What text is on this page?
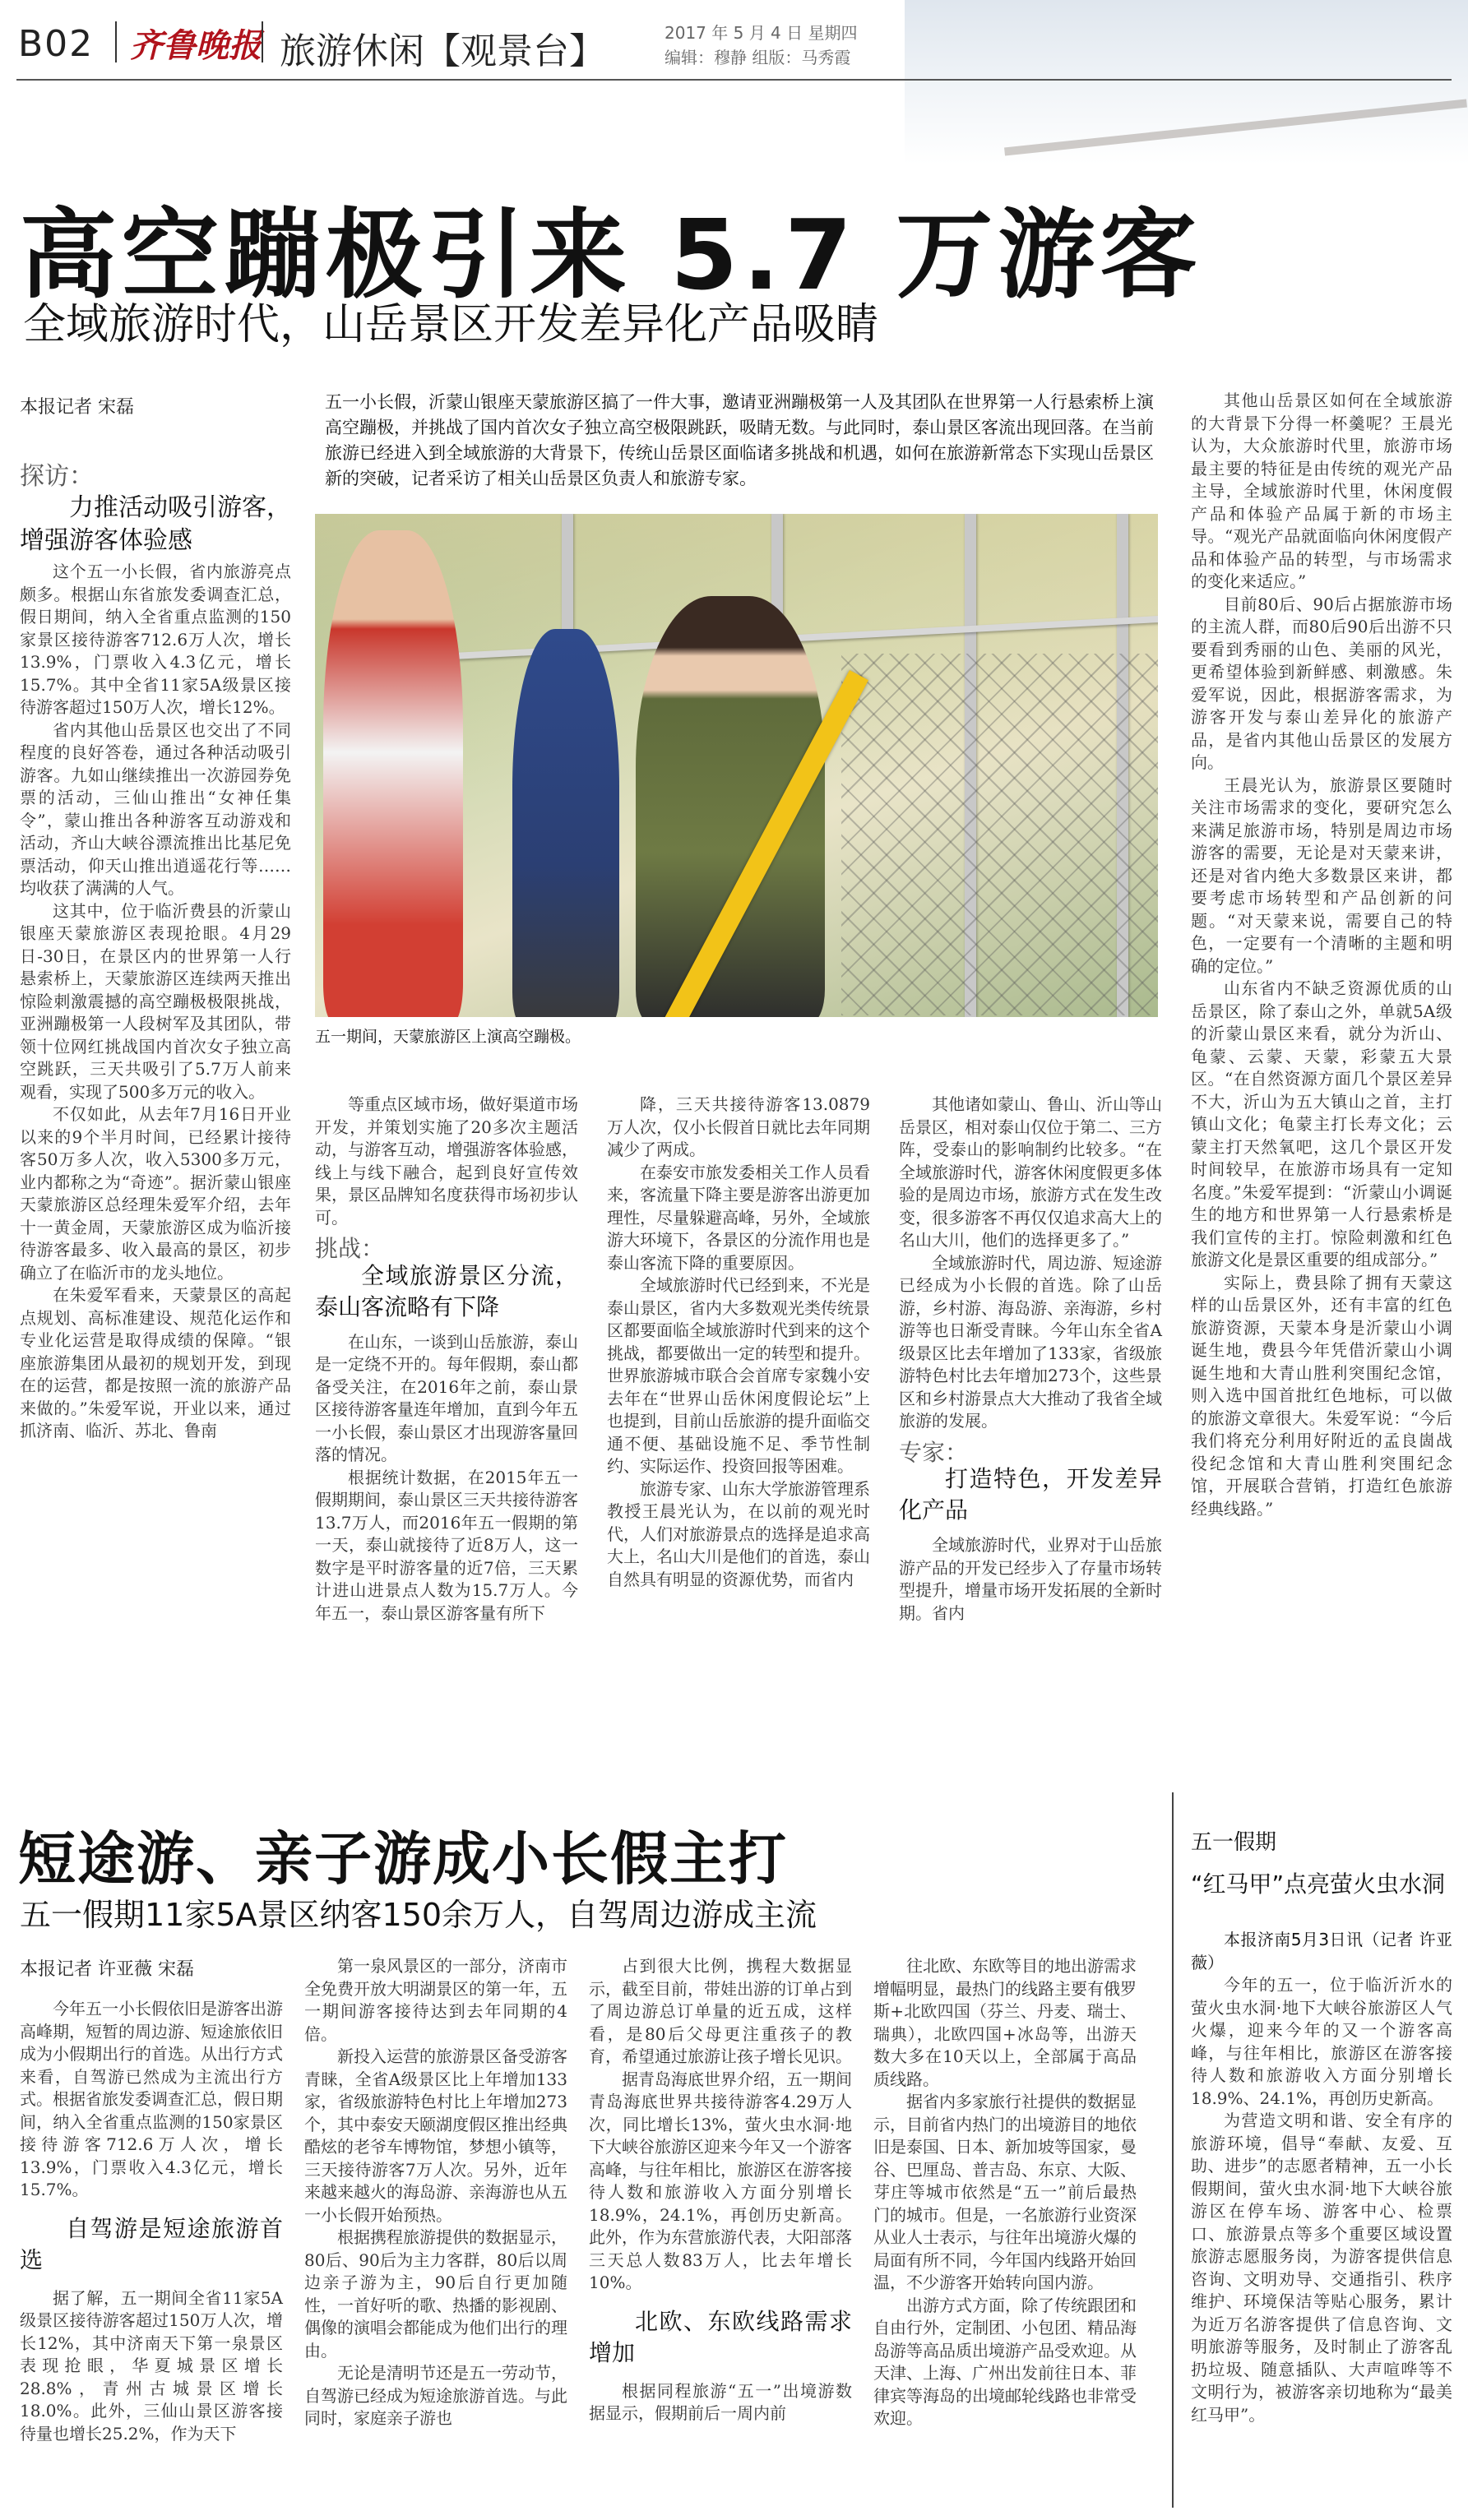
B02 齐鲁晚报 旅游休闲【观景台】	2017 年 5 月 4 日 星期四
编辑：穆静 组版：马秀霞
高空蹦极引来 5.7 万游客
全域旅游时代，山岳景区开发差异化产品吸睛
本报记者 宋磊	五一小长假，沂蒙山银座天蒙旅游区搞了一件大事，邀请亚洲蹦极第一人及其团队在世界第一人行悬索桥上演高空蹦极，并挑战了国内首次女子独立高空极限跳跃，吸睛无数。与此同时，泰山景区客流出现回落。在当前旅游已经进入到全域旅游的大背景下，传统山岳景区面临诸多挑战和机遇，如何在旅游新常态下实现山岳景区新的突破，记者采访了相关山岳景区负责人和旅游专家。
五一期间，天蒙旅游区上演高空蹦极。
探访：
力推活动吸引游客，增强游客体验感

这个五一小长假，省内旅游亮点颇多。根据山东省旅发委调查汇总，假日期间，纳入全省重点监测的150家景区接待游客712.6万人次，增长13.9%，门票收入4.3亿元，增长15.7%。其中全省11家5A级景区接待游客超过150万人次，增长12%。

省内其他山岳景区也交出了不同程度的良好答卷，通过各种活动吸引游客。九如山继续推出一次游园券免票的活动，三仙山推出“女神任集令”，蒙山推出各种游客互动游戏和活动，齐山大峡谷漂流推出比基尼免票活动，仰天山推出逍遥花行等……均收获了满满的人气。

这其中，位于临沂费县的沂蒙山银座天蒙旅游区表现抢眼。4月29日-30日，在景区内的世界第一人行悬索桥上，天蒙旅游区连续两天推出惊险刺激震撼的高空蹦极极限挑战，亚洲蹦极第一人段树军及其团队，带领十位网红挑战国内首次女子独立高空跳跃，三天共吸引了5.7万人前来观看，实现了500多万元的收入。

不仅如此，从去年7月16日开业以来的9个半月时间，已经累计接待客50万多人次，收入5300多万元，业内都称之为“奇迹”。据沂蒙山银座天蒙旅游区总经理朱爱军介绍，去年十一黄金周，天蒙旅游区成为临沂接待游客最多、收入最高的景区，初步确立了在临沂市的龙头地位。

在朱爱军看来，天蒙景区的高起点规划、高标准建设、规范化运作和专业化运营是取得成绩的保障。“银座旅游集团从最初的规划开发，到现在的运营，都是按照一流的旅游产品来做的。”朱爱军说，开业以来，通过抓济南、临沂、苏北、鲁南

等重点区域市场，做好渠道市场开发，并策划实施了20多次主题活动，与游客互动，增强游客体验感，线上与线下融合，起到良好宣传效果，景区品牌知名度获得市场初步认可。

挑战：
全域旅游景区分流，泰山客流略有下降

在山东，一谈到山岳旅游，泰山是一定绕不开的。每年假期，泰山都备受关注，在2016年之前，泰山景区接待游客量连年增加，直到今年五一小长假，泰山景区才出现游客量回落的情况。

根据统计数据，在2015年五一假期期间，泰山景区三天共接待游客13.7万人，而2016年五一假期的第一天，泰山就接待了近8万人，这一数字是平时游客量的近7倍，三天累计进山进景点人数为15.7万人。今年五一，泰山景区游客量有所下

降，三天共接待游客13.0879万人次，仅小长假首日就比去年同期减少了两成。

在泰安市旅发委相关工作人员看来，客流量下降主要是游客出游更加理性，尽量躲避高峰，另外，全域旅游大环境下，各景区的分流作用也是泰山客流下降的重要原因。

全域旅游时代已经到来，不光是泰山景区，省内大多数观光类传统景区都要面临全域旅游时代到来的这个挑战，都要做出一定的转型和提升。世界旅游城市联合会首席专家魏小安去年在“世界山岳休闲度假论坛”上也提到，目前山岳旅游的提升面临交通不便、基础设施不足、季节性制约、实际运作、投资回报等困难。

旅游专家、山东大学旅游管理系教授王晨光认为，在以前的观光时代，人们对旅游景点的选择是追求高大上，名山大川是他们的首选，泰山自然具有明显的资源优势，而省内

其他诸如蒙山、鲁山、沂山等山岳景区，相对泰山仅位于第二、三方阵，受泰山的影响制约比较多。“在全域旅游时代，游客休闲度假更多体验的是周边市场，旅游方式在发生改变，很多游客不再仅仅追求高大上的名山大川，他们的选择更多了。”

全域旅游时代，周边游、短途游已经成为小长假的首选。除了山岳游，乡村游、海岛游、亲海游，乡村游等也日渐受青睐。今年山东全省A级景区比去年增加了133家，省级旅游特色村比去年增加273个，这些景区和乡村游景点大大推动了我省全域旅游的发展。

专家：
打造特色，开发差异化产品

全域旅游时代，业界对于山岳旅游产品的开发已经步入了存量市场转型提升，增量市场开发拓展的全新时期。省内

其他山岳景区如何在全域旅游的大背景下分得一杯羹呢？王晨光认为，大众旅游时代里，旅游市场最主要的特征是由传统的观光产品主导，全域旅游时代里，休闲度假产品和体验产品属于新的市场主导。“观光产品就面临向休闲度假产品和体验产品的转型，与市场需求的变化来适应。”

目前80后、90后占据旅游市场的主流人群，而80后90后出游不只要看到秀丽的山色、美丽的风光，更希望体验到新鲜感、刺激感。朱爱军说，因此，根据游客需求，为游客开发与泰山差异化的旅游产品，是省内其他山岳景区的发展方向。

王晨光认为，旅游景区要随时关注市场需求的变化，要研究怎么来满足旅游市场，特别是周边市场游客的需要，无论是对天蒙来讲，还是对省内绝大多数景区来讲，都要考虑市场转型和产品创新的问题。“对天蒙来说，需要自己的特色，一定要有一个清晰的主题和明确的定位。”

山东省内不缺乏资源优质的山岳景区，除了泰山之外，单就5A级的沂蒙山景区来看，就分为沂山、龟蒙、云蒙、天蒙，彩蒙五大景区。“在自然资源方面几个景区差异不大，沂山为五大镇山之首，主打镇山文化；龟蒙主打长寿文化；云蒙主打天然氧吧，这几个景区开发时间较早，在旅游市场具有一定知名度。”朱爱军提到：“沂蒙山小调诞生的地方和世界第一人行悬索桥是我们宣传的主打。惊险刺激和红色旅游文化是景区重要的组成部分。”

实际上，费县除了拥有天蒙这样的山岳景区外，还有丰富的红色旅游资源，天蒙本身是沂蒙山小调诞生地，费县今年凭借沂蒙山小调诞生地和大青山胜利突围纪念馆，则入选中国首批红色地标，可以做的旅游文章很大。朱爱军说：“今后我们将充分利用好附近的孟良崮战役纪念馆和大青山胜利突围纪念馆，开展联合营销，打造红色旅游经典线路。”

短途游、亲子游成小长假主打
五一假期11家5A景区纳客150余万人，自驾周边游成主流
本报记者 许亚薇 宋磊

今年五一小长假依旧是游客出游高峰期，短暂的周边游、短途旅依旧成为小假期出行的首选。从出行方式来看，自驾游已然成为主流出行方式。根据省旅发委调查汇总，假日期间，纳入全省重点监测的150家景区接待游客712.6万人次，增长13.9%，门票收入4.3亿元，增长15.7%。

自驾游是短途旅游首选

据了解，五一期间全省11家5A级景区接待游客超过150万人次，增长12%，其中济南天下第一泉景区表现抢眼，华夏城景区增长28.8%，青州古城景区增长18.0%。此外，三仙山景区游客接待量也增长25.2%，作为天下

第一泉风景区的一部分，济南市全免费开放大明湖景区的第一年，五一期间游客接待达到去年同期的4倍。

新投入运营的旅游景区备受游客青睐，全省A级景区比上年增加133家，省级旅游特色村比上年增加273个，其中泰安天颐湖度假区推出经典酷炫的老爷车博物馆，梦想小镇等，三天接待游客7万人次。另外，近年来越来越火的海岛游、亲海游也从五一小长假开始预热。

根据携程旅游提供的数据显示，80后、90后为主力客群，80后以周边亲子游为主，90后自行更加随性，一首好听的歌、热播的影视剧、偶像的演唱会都能成为他们出行的理由。

无论是清明节还是五一劳动节，自驾游已经成为短途旅游首选。与此同时，家庭亲子游也

占到很大比例，携程大数据显示，截至目前，带娃出游的订单占到了周边游总订单量的近五成，这样看，是80后父母更注重孩子的教育，希望通过旅游让孩子增长见识。

据青岛海底世界介绍，五一期间青岛海底世界共接待游客4.29万人次，同比增长13%，萤火虫水洞·地下大峡谷旅游区迎来今年又一个游客高峰，与往年相比，旅游区在游客接待人数和旅游收入方面分别增长18.9%，24.1%，再创历史新高。此外，作为东营旅游代表，大阳部落三天总人数83万人，比去年增长10%。

北欧、东欧线路需求增加

根据同程旅游“五一”出境游数据显示，假期前后一周内前

往北欧、东欧等目的地出游需求增幅明显，最热门的线路主要有俄罗斯+北欧四国（芬兰、丹麦、瑞士、瑞典），北欧四国+冰岛等，出游天数大多在10天以上，全部属于高品质线路。

据省内多家旅行社提供的数据显示，目前省内热门的出境游目的地依旧是泰国、日本、新加坡等国家，曼谷、巴厘岛、普吉岛、东京、大阪、芽庄等城市依然是“五一”前后最热门的城市。但是，一名旅游行业资深从业人士表示，与往年出境游火爆的局面有所不同，今年国内线路开始回温，不少游客开始转向国内游。

出游方式方面，除了传统跟团和自由行外，定制团、小包团、精品海岛游等高品质出境游产品受欢迎。从天津、上海、广州出发前往日本、菲律宾等海岛的出境邮轮线路也非常受欢迎。

五一假期
“红马甲”点亮萤火虫水洞

本报济南5月3日讯（记者 许亚薇）

今年的五一，位于临沂沂水的萤火虫水洞·地下大峡谷旅游区人气火爆，迎来今年的又一个游客高峰，与往年相比，旅游区在游客接待人数和旅游收入方面分别增长18.9%、24.1%，再创历史新高。

为营造文明和谐、安全有序的旅游环境，倡导“奉献、友爱、互助、进步”的志愿者精神，五一小长假期间，萤火虫水洞·地下大峡谷旅游区在停车场、游客中心、检票口、旅游景点等多个重要区域设置旅游志愿服务岗，为游客提供信息咨询、文明劝导、交通指引、秩序维护、环境保洁等贴心服务，累计为近万名游客提供了信息咨询、文明旅游等服务，及时制止了游客乱扔垃圾、随意插队、大声喧哗等不文明行为，被游客亲切地称为“最美红马甲”。
